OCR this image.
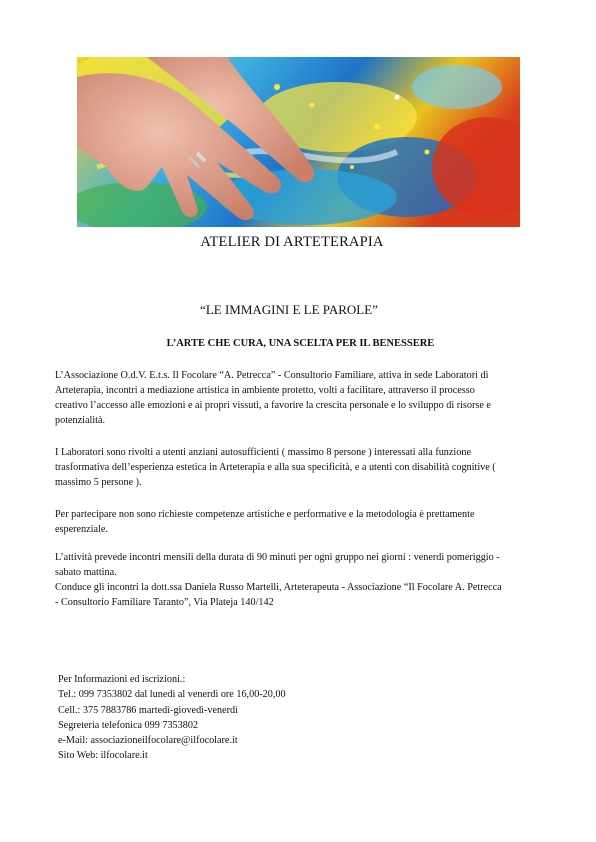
ATELIER DI ARTETERAPIA
“LE IMMAGINI E LE PAROLE”
L’ARTE CHE CURA, UNA SCELTA PER IL BENESSERE

L’Associazione O.d.V. E.t.s. Il Focolare “A. Petrecca” - Consultorio Familiare, attiva in sede Laboratori di Arteterapia, incontri a mediazione artistica in ambiente protetto, volti a facilitare, attraverso il processo creativo l’accesso alle emozioni e ai propri vissuti, a favorire la crescita personale e lo sviluppo di risorse e potenzialità.

I Laboratori sono rivolti a utenti anziani autosufficienti ( massimo 8 persone ) interessati alla funzione trasformativa dell’esperienza estetica in Arteterapia e alla sua specificità, e a utenti con disabilità cognitive ( massimo 5 persone ).

Per partecipare non sono richieste competenze artistiche e performative e la metodologia è prettamente esperenziale.

L’attività prevede incontri mensili della durata di 90 minuti per ogni gruppo nei giorni : venerdì pomeriggio - sabato mattina.
Conduce gli incontri la dott.ssa Daniela Russo Martelli, Arteterapeuta - Associazione “Il Focolare A. Petrecca - Consultorio Familiare Taranto”, Via Plateja 140/142
Per Informazioni ed iscrizioni.:
Tel.: 099 7353802 dal lunedì al venerdì ore 16,00-20,00
Cell.: 375 7883786 martedì-giovedì-venerdì
Segreteria telefonica 099 7353802
e-Mail: associazioneilfocolare@ilfocolare.it
Sito Web: ilfocolare.it
